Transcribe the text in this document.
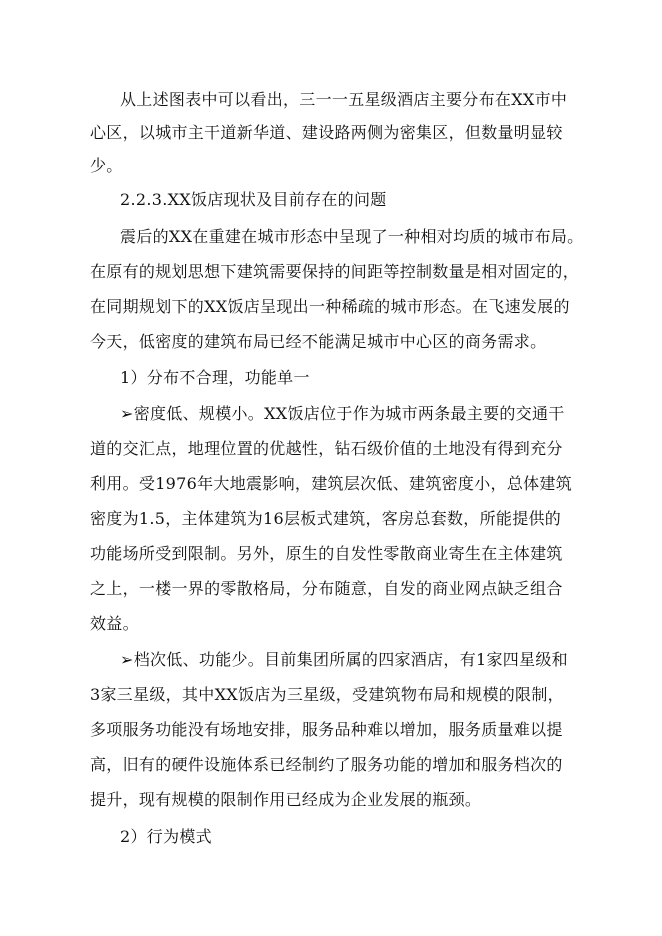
从上述图表中可以看出，三一一五星级酒店主要分布在XX市中
心区，以城市主干道新华道、建设路两侧为密集区，但数量明显较
少。
2.2.3.XX饭店现状及目前存在的问题
震后的XX在重建在城市形态中呈现了一种相对均质的城市布局。
在原有的规划思想下建筑需要保持的间距等控制数量是相对固定的，
在同期规划下的XX饭店呈现出一种稀疏的城市形态。在飞速发展的
今天，低密度的建筑布局已经不能满足城市中心区的商务需求。
1）分布不合理，功能单一
➢密度低、规模小。XX饭店位于作为城市两条最主要的交通干
道的交汇点，地理位置的优越性，钻石级价值的土地没有得到充分
利用。受1976年大地震影响，建筑层次低、建筑密度小，总体建筑
密度为1.5，主体建筑为16层板式建筑，客房总套数，所能提供的
功能场所受到限制。另外，原生的自发性零散商业寄生在主体建筑
之上，一楼一界的零散格局，分布随意，自发的商业网点缺乏组合
效益。
➢档次低、功能少。目前集团所属的四家酒店，有1家四星级和
3家三星级，其中XX饭店为三星级，受建筑物布局和规模的限制，
多项服务功能没有场地安排，服务品种难以增加，服务质量难以提
高，旧有的硬件设施体系已经制约了服务功能的增加和服务档次的
提升，现有规模的限制作用已经成为企业发展的瓶颈。
2）行为模式
